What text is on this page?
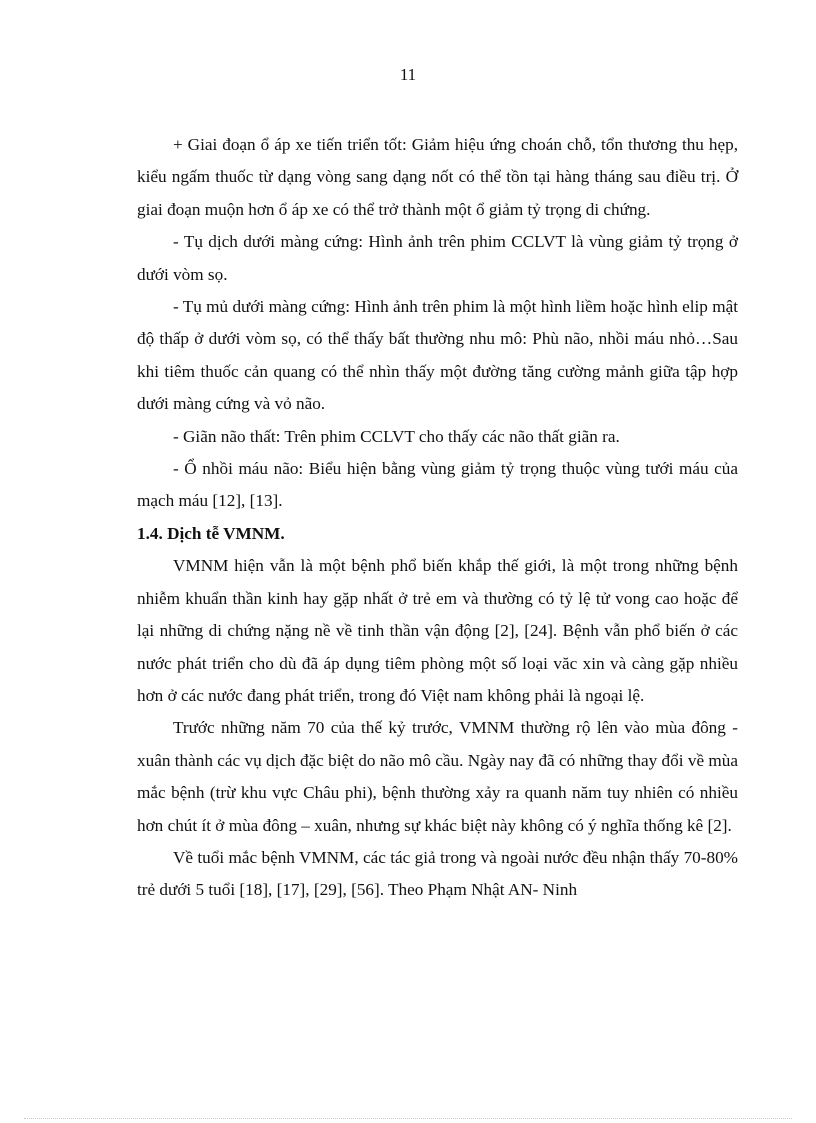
11

+ Giai đoạn ổ áp xe tiến triển tốt: Giảm hiệu ứng choán chỗ, tổn thương thu hẹp, kiểu ngấm thuốc từ dạng vòng sang dạng nốt có thể tồn tại hàng tháng sau điều trị. Ở giai đoạn muộn hơn ổ áp xe có thể trở thành một ổ giảm tỷ trọng di chứng.

- Tụ dịch dưới màng cứng: Hình ảnh trên phim CCLVT là vùng giảm tỷ trọng ở dưới vòm sọ.

- Tụ mủ dưới màng cứng: Hình ảnh trên phim là một hình liềm hoặc hình elip mật độ thấp ở dưới vòm sọ, có thể thấy bất thường nhu mô: Phù não, nhồi máu nhỏ…Sau khi tiêm thuốc cản quang có thể nhìn thấy một đường tăng cường mảnh giữa tập hợp dưới màng cứng và vỏ não.

- Giãn não thất: Trên phim CCLVT cho thấy các não thất giãn ra.

- Ổ nhồi máu não: Biểu hiện bằng vùng giảm tỷ trọng thuộc vùng tưới máu của mạch máu [12], [13].

1.4. Dịch tễ VMNM.

VMNM hiện vẫn là một bệnh phổ biến khắp thế giới, là một trong những bệnh nhiễm khuẩn thần kinh hay gặp nhất ở trẻ em và thường có tỷ lệ tử vong cao hoặc để lại những di chứng nặng nề về tinh thần vận động [2], [24]. Bệnh vẫn phổ biến ở các nước phát triển cho dù đã áp dụng tiêm phòng một số loại văc xin và càng gặp nhiều hơn ở các nước đang phát triển, trong đó Việt nam không phải là ngoại lệ.

Trước những năm 70 của thế kỷ trước, VMNM thường rộ lên vào mùa đông - xuân thành các vụ dịch đặc biệt do não mô cầu. Ngày nay đã có những thay đổi về mùa mắc bệnh (trừ khu vực Châu phi), bệnh thường xảy ra quanh năm tuy nhiên có nhiều hơn chút ít ở mùa đông – xuân, nhưng sự khác biệt này không có ý nghĩa thống kê [2].

Về tuổi mắc bệnh VMNM, các tác giả trong và ngoài nước đều nhận thấy 70-80% trẻ dưới 5 tuổi [18], [17], [29], [56]. Theo Phạm Nhật AN- Ninh
